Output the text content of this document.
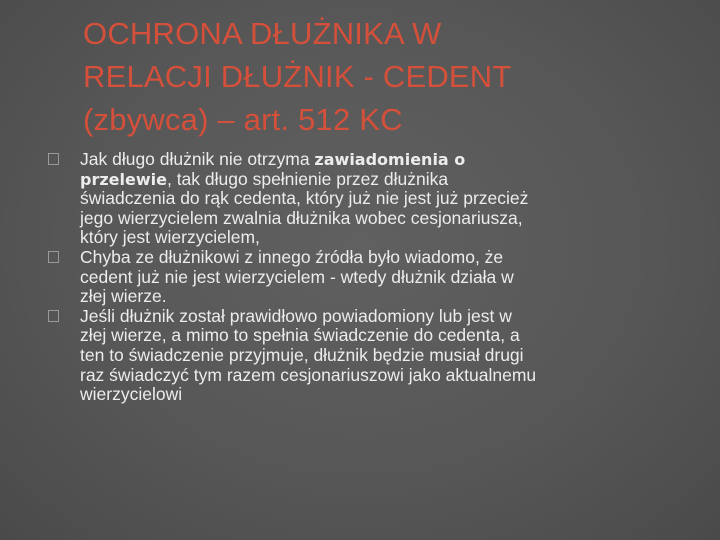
OCHRONA DŁUŻNIKA W
RELACJI DŁUŻNIK - CEDENT
(zbywca) – art. 512 KC
Jak długo dłużnik nie otrzyma zawiadomienia o
przelewie, tak długo spełnienie przez dłużnika
świadczenia do rąk cedenta, który już nie jest już przecież
jego wierzycielem zwalnia dłużnika wobec cesjonariusza,
który jest wierzycielem,
Chyba ze dłużnikowi z innego źródła było wiadomo, że
cedent już nie jest wierzycielem - wtedy dłużnik działa w
złej wierze.
Jeśli dłużnik został prawidłowo powiadomiony lub jest w
złej wierze, a mimo to spełnia świadczenie do cedenta, a
ten to świadczenie przyjmuje, dłużnik będzie musiał drugi
raz świadczyć tym razem cesjonariuszowi jako aktualnemu
wierzycielowi
